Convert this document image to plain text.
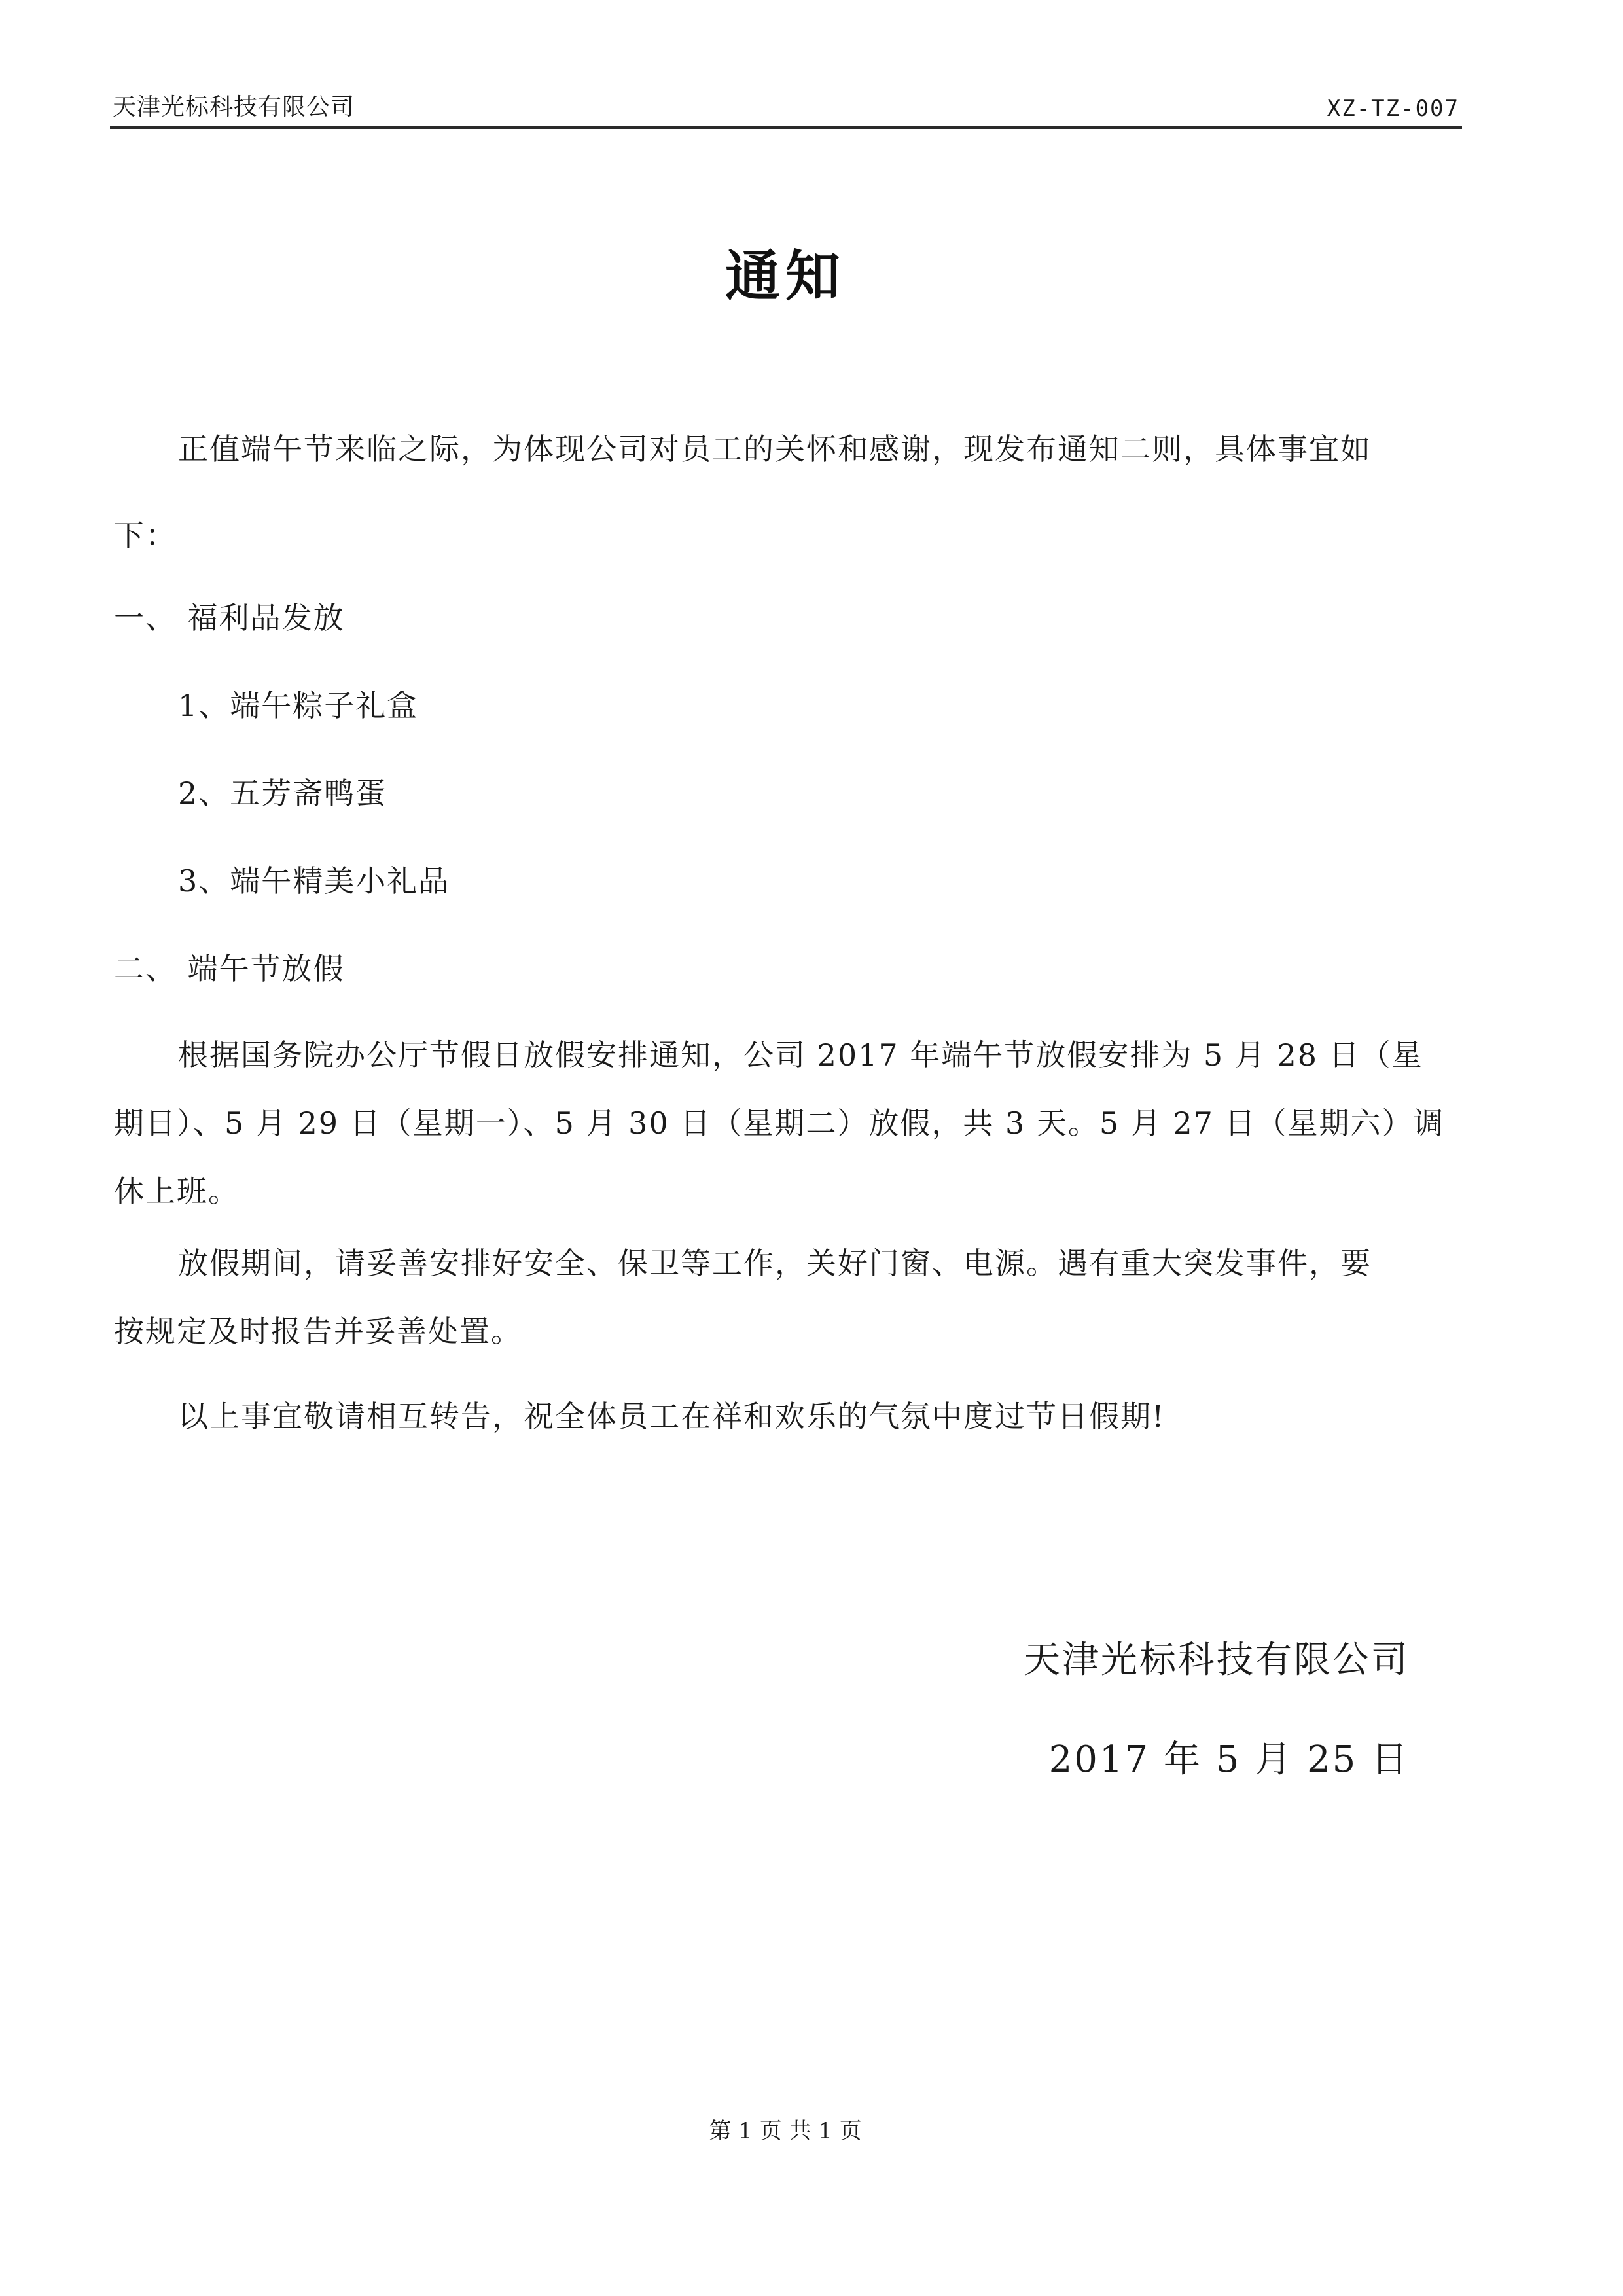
天津光标科技有限公司	XZ-TZ-007
通知
正值端午节来临之际，为体现公司对员工的关怀和感谢，现发布通知二则，具体事宜如
下：
一、 福利品发放
1、端午粽子礼盒
2、五芳斋鸭蛋
3、端午精美小礼品
二、 端午节放假
根据国务院办公厅节假日放假安排通知，公司 2017 年端午节放假安排为 5 月 28 日（星
期日）、5 月 29 日（星期一）、5 月 30 日（星期二）放假，共 3 天。5 月 27 日（星期六）调
休上班。
放假期间，请妥善安排好安全、保卫等工作，关好门窗、电源。遇有重大突发事件，要
按规定及时报告并妥善处置。
以上事宜敬请相互转告，祝全体员工在祥和欢乐的气氛中度过节日假期!
天津光标科技有限公司
2017 年 5 月 25 日
第 1 页 共 1 页
